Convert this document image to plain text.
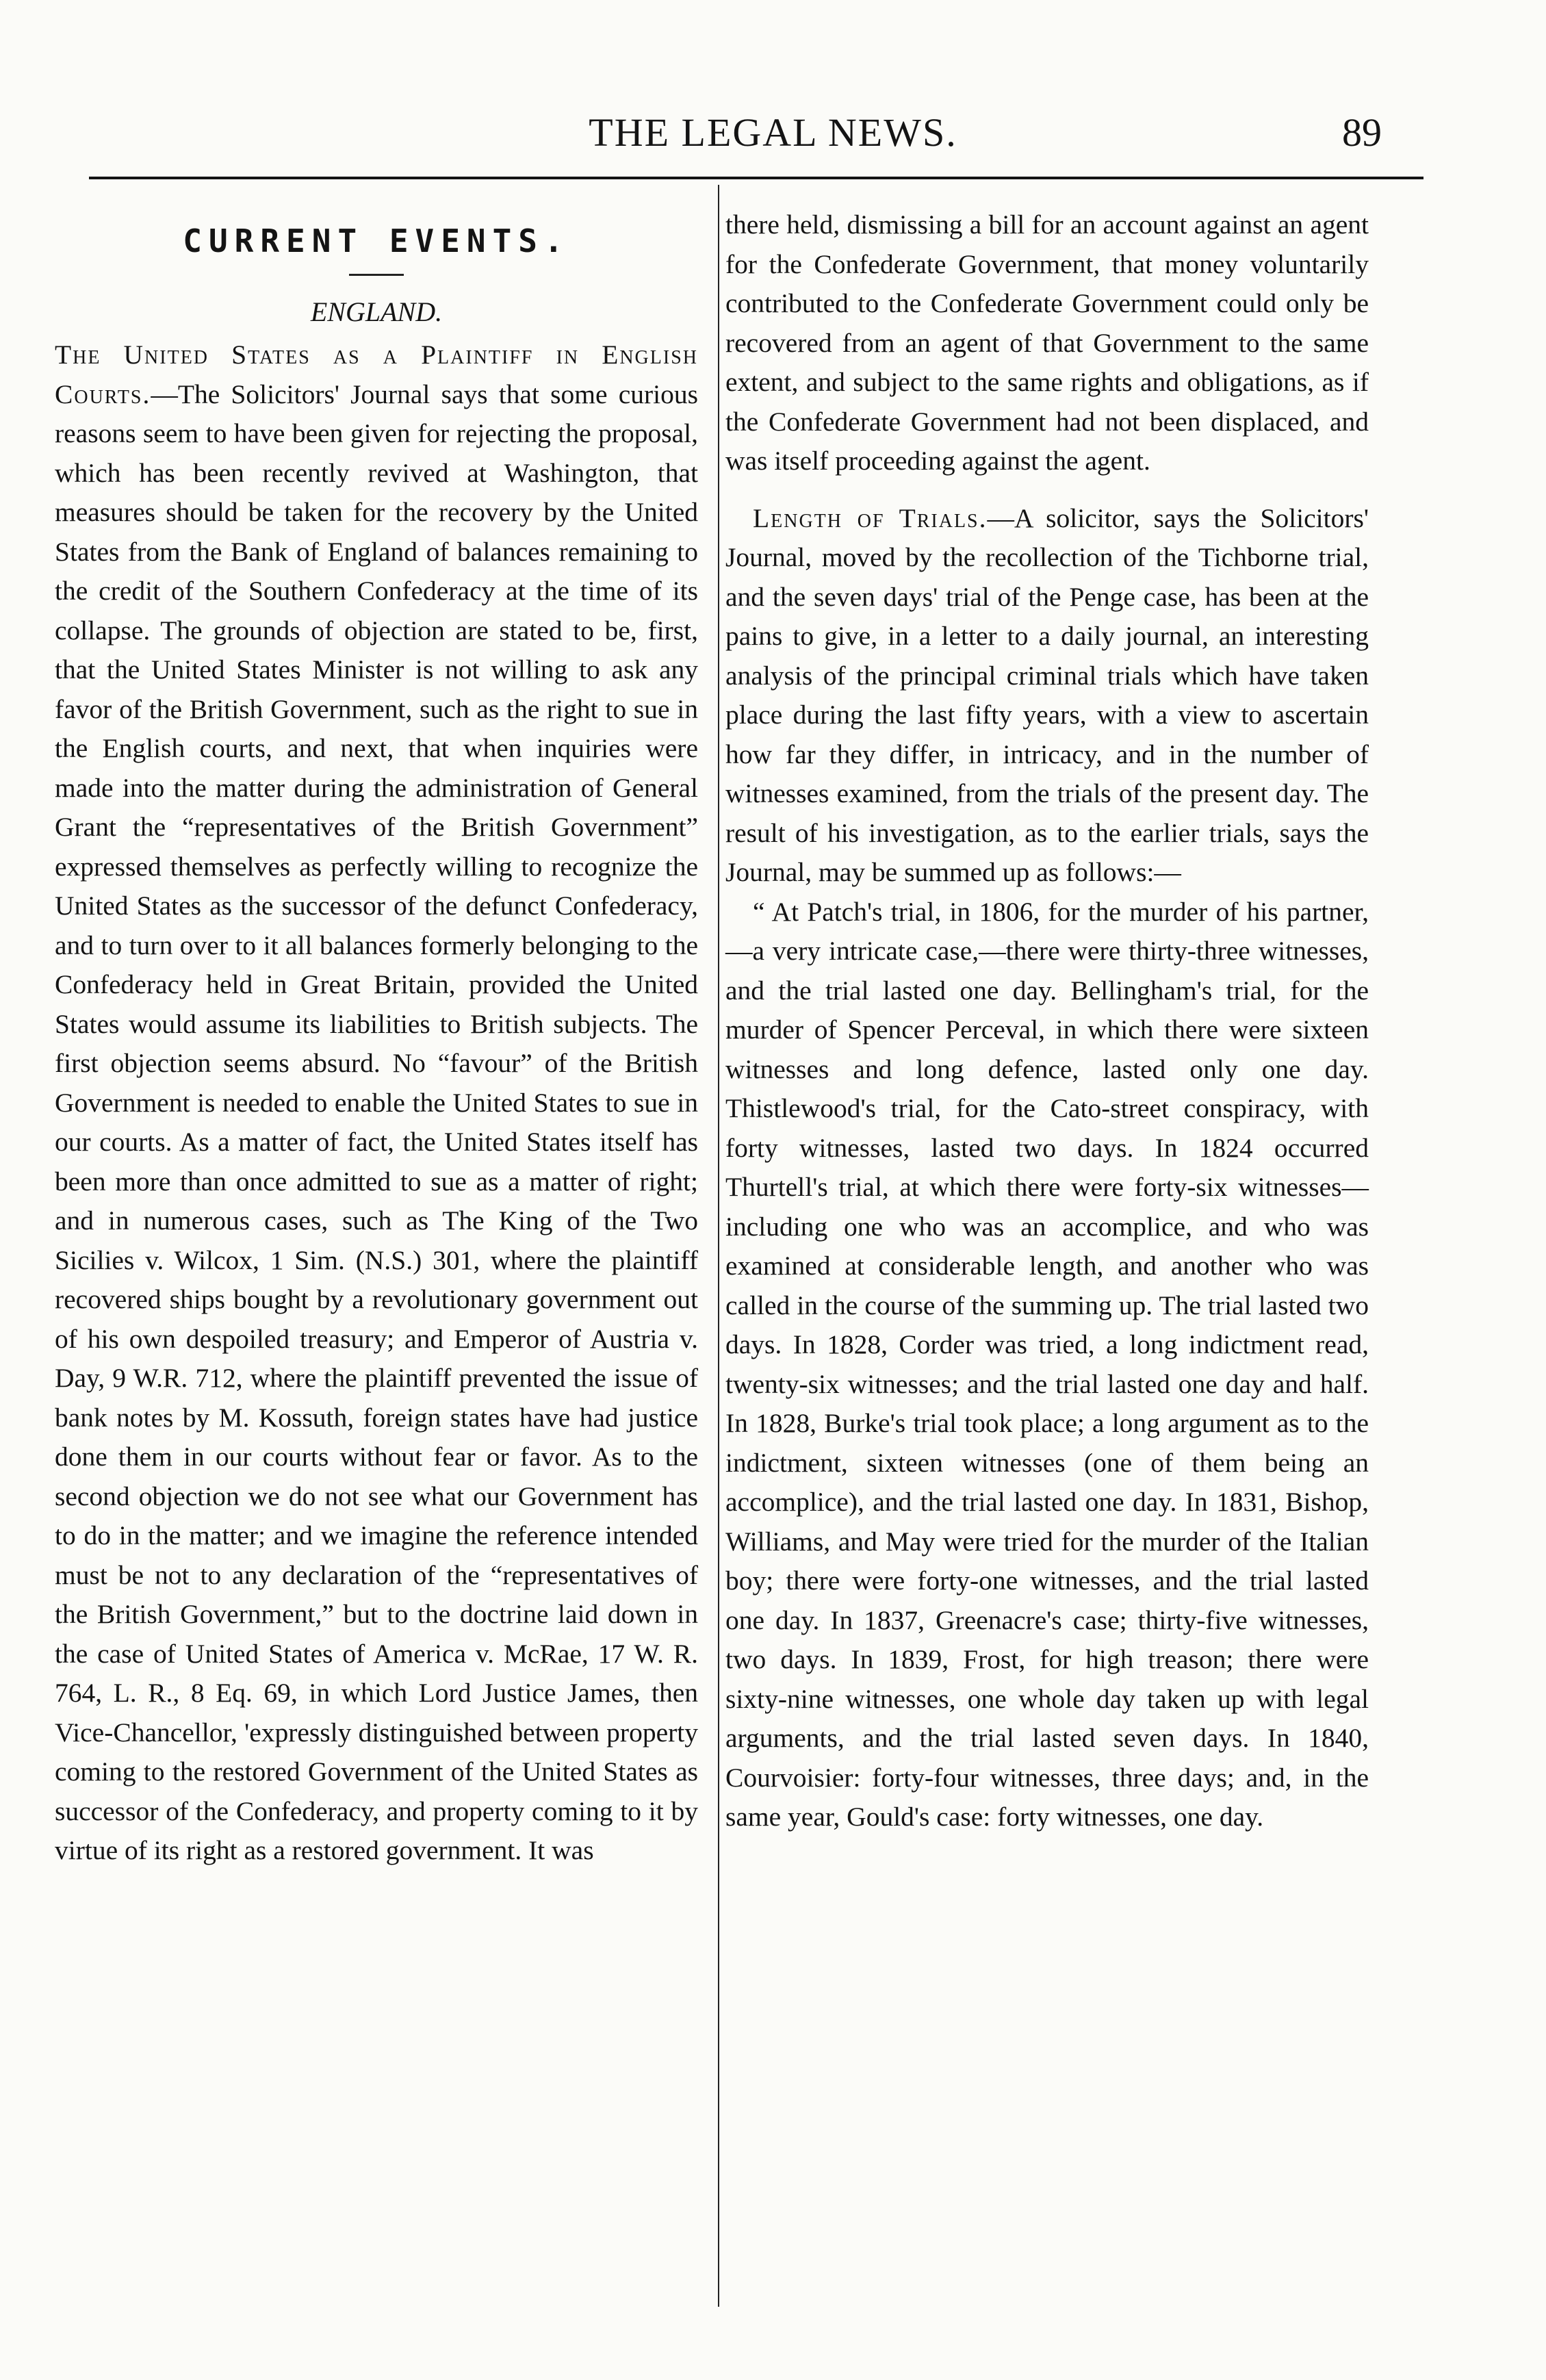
THE LEGAL NEWS.	89
CURRENT EVENTS.
ENGLAND.

The United States as a Plaintiff in English Courts.—The Solicitors' Journal says that some curious reasons seem to have been given for rejecting the proposal, which has been recently revived at Washington, that measures should be taken for the recovery by the United States from the Bank of England of balances remaining to the credit of the Southern Confederacy at the time of its collapse. The grounds of objection are stated to be, first, that the United States Minister is not willing to ask any favor of the British Government, such as the right to sue in the English courts, and next, that when inquiries were made into the matter during the administration of General Grant the “representatives of the British Government” expressed themselves as perfectly willing to recognize the United States as the successor of the defunct Confederacy, and to turn over to it all balances formerly belonging to the Confederacy held in Great Britain, provided the United States would assume its liabilities to British subjects. The first objection seems absurd. No “favour” of the British Government is needed to enable the United States to sue in our courts. As a matter of fact, the United States itself has been more than once admitted to sue as a matter of right; and in numerous cases, such as The King of the Two Sicilies v. Wilcox, 1 Sim. (N.S.) 301, where the plaintiff recovered ships bought by a revolutionary government out of his own despoiled treasury; and Emperor of Austria v. Day, 9 W.R. 712, where the plaintiff prevented the issue of bank notes by M. Kossuth, foreign states have had justice done them in our courts without fear or favor. As to the second objection we do not see what our Government has to do in the matter; and we imagine the reference intended must be not to any declaration of the “representatives of the British Government,” but to the doctrine laid down in the case of United States of America v. McRae, 17 W. R. 764, L. R., 8 Eq. 69, in which Lord Justice James, then Vice-Chancellor, 'expressly distinguished between property coming to the restored Government of the United States as successor of the Confederacy, and property coming to it by virtue of its right as a restored government. It was

there held, dismissing a bill for an account against an agent for the Confederate Government, that money voluntarily contributed to the Confederate Government could only be recovered from an agent of that Government to the same extent, and subject to the same rights and obligations, as if the Confederate Government had not been displaced, and was itself proceeding against the agent.

Length of Trials.—A solicitor, says the Solicitors' Journal, moved by the recollection of the Tichborne trial, and the seven days' trial of the Penge case, has been at the pains to give, in a letter to a daily journal, an interesting analysis of the principal criminal trials which have taken place during the last fifty years, with a view to ascertain how far they differ, in intricacy, and in the number of witnesses examined, from the trials of the present day. The result of his investigation, as to the earlier trials, says the Journal, may be summed up as follows:—

“ At Patch's trial, in 1806, for the murder of his partner,—a very intricate case,—there were thirty-three witnesses, and the trial lasted one day. Bellingham's trial, for the murder of Spencer Perceval, in which there were sixteen witnesses and long defence, lasted only one day. Thistlewood's trial, for the Cato-street conspiracy, with forty witnesses, lasted two days. In 1824 occurred Thurtell's trial, at which there were forty-six witnesses—including one who was an accomplice, and who was examined at considerable length, and another who was called in the course of the summing up. The trial lasted two days. In 1828, Corder was tried, a long indictment read, twenty-six witnesses; and the trial lasted one day and half. In 1828, Burke's trial took place; a long argument as to the indictment, sixteen witnesses (one of them being an accomplice), and the trial lasted one day. In 1831, Bishop, Williams, and May were tried for the murder of the Italian boy; there were forty-one witnesses, and the trial lasted one day. In 1837, Greenacre's case; thirty-five witnesses, two days. In 1839, Frost, for high treason; there were sixty-nine witnesses, one whole day taken up with legal arguments, and the trial lasted seven days. In 1840, Courvoisier: forty-four witnesses, three days; and, in the same year, Gould's case: forty witnesses, one day.
